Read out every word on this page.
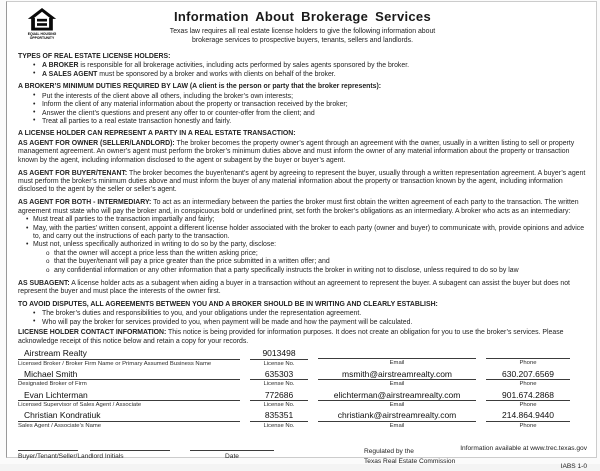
EQUAL HOUSING
OPPORTUNITY
Information About Brokerage Services
Texas law requires all real estate license holders to give the following information about
brokerage services to prospective buyers, tenants, sellers and landlords.
TYPES OF REAL ESTATE LICENSE HOLDERS:
• A BROKER is responsible for all brokerage activities, including acts performed by sales agents sponsored by the broker.
• A SALES AGENT must be sponsored by a broker and works with clients on behalf of the broker.
A BROKER’S MINIMUM DUTIES REQUIRED BY LAW (A client is the person or party that the broker represents):
• Put the interests of the client above all others, including the broker’s own interests;
• Inform the client of any material information about the property or transaction received by the broker;
• Answer the client’s questions and present any offer to or counter-offer from the client; and
• Treat all parties to a real estate transaction honestly and fairly.
A LICENSE HOLDER CAN REPRESENT A PARTY IN A REAL ESTATE TRANSACTION:

AS AGENT FOR OWNER (SELLER/LANDLORD): The broker becomes the property owner’s agent through an agreement with the owner, usually in a written listing to sell or property management agreement. An owner’s agent must perform the broker’s minimum duties above and must inform the owner of any material information about the property or transaction known by the agent, including information disclosed to the agent or subagent by the buyer or buyer’s agent.

AS AGENT FOR BUYER/TENANT: The broker becomes the buyer/tenant’s agent by agreeing to represent the buyer, usually through a written representation agreement. A buyer’s agent must perform the broker’s minimum duties above and must inform the buyer of any material information about the property or transaction known by the agent, including information disclosed to the agent by the seller or seller’s agent.

AS AGENT FOR BOTH - INTERMEDIARY: To act as an intermediary between the parties the broker must first obtain the written agreement of each party to the transaction. The written agreement must state who will pay the broker and, in conspicuous bold or underlined print, set forth the broker’s obligations as an intermediary. A broker who acts as an intermediary:

• Must treat all parties to the transaction impartially and fairly;
• May, with the parties’ written consent, appoint a different license holder associated with the broker to each party (owner and buyer) to communicate with, provide opinions and advice to, and carry out the instructions of each party to the transaction.
• Must not, unless specifically authorized in writing to do so by the party, disclose:
o that the owner will accept a price less than the written asking price;
o that the buyer/tenant will pay a price greater than the price submitted in a written offer; and
o any confidential information or any other information that a party specifically instructs the broker in writing not to disclose, unless required to do so by law

AS SUBAGENT: A license holder acts as a subagent when aiding a buyer in a transaction without an agreement to represent the buyer. A subagent can assist the buyer but does not represent the buyer and must place the interests of the owner first.

TO AVOID DISPUTES, ALL AGREEMENTS BETWEEN YOU AND A BROKER SHOULD BE IN WRITING AND CLEARLY ESTABLISH:
• The broker’s duties and responsibilities to you, and your obligations under the representation agreement.
• Who will pay the broker for services provided to you, when payment will be made and how the payment will be calculated.

LICENSE HOLDER CONTACT INFORMATION: This notice is being provided for information purposes. It does not create an obligation for you to use the broker’s services. Please acknowledge receipt of this notice below and retain a copy for your records.

Airstream Realty
Licensed Broker / Broker Firm Name or Primary Assumed Business Name
9013498
License No.	Email	Phone
Michael Smith
Designated Broker of Firm
635303
License No.
msmith@airstreamrealty.com
Email
630.207.6569
Phone
Evan Lichterman
Licensed Supervisor of Sales Agent / Associate
772686
License No.
elichterman@airstreamrealty.com
Email
901.674.2868
Phone
Christian Kondratiuk
Sales Agent / Associate’s Name
835351
License No.
christiank@airstreamrealty.com
Email
214.864.9440
Phone
Buyer/Tenant/Seller/Landlord Initials	Date
Regulated by the
Texas Real Estate Commission
Information available at www.trec.texas.gov
IABS 1-0
